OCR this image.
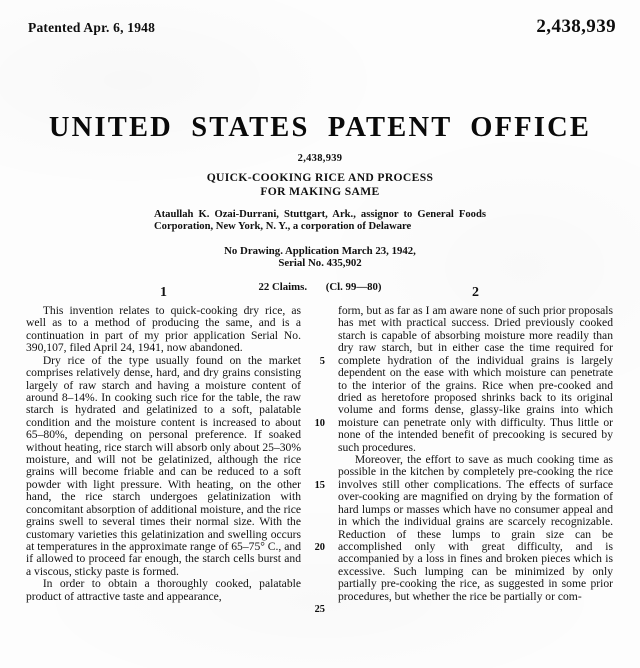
Patented Apr. 6, 1948	2,438,939
UNITED STATES PATENT OFFICE
2,438,939
QUICK-COOKING RICE AND PROCESS
FOR MAKING SAME
Ataullah K. Ozai-Durrani, Stuttgart, Ark., assignor to General Foods Corporation, New York, N. Y., a corporation of Delaware
No Drawing. Application March 23, 1942,
Serial No. 435,902
22 Claims. (Cl. 99—80)
1

This invention relates to quick-cooking dry rice, as well as to a method of producing the same, and is a continuation in part of my prior application Serial No. 390,107, filed April 24, 1941, now abandoned.

Dry rice of the type usually found on the market comprises relatively dense, hard, and dry grains consisting largely of raw starch and having a moisture content of around 8–14%. In cooking such rice for the table, the raw starch is hydrated and gelatinized to a soft, palatable condition and the moisture content is increased to about 65–80%, depending on personal preference. If soaked without heating, rice starch will absorb only about 25–30% moisture, and will not be gelatinized, although the rice grains will become friable and can be reduced to a soft powder with light pressure. With heating, on the other hand, the rice starch undergoes gelatinization with concomitant absorption of additional moisture, and the rice grains swell to several times their normal size. With the customary varieties this gelatinization and swelling occurs at temperatures in the approximate range of 65–75° C., and if allowed to proceed far enough, the starch cells burst and a viscous, sticky paste is formed.

In order to obtain a thoroughly cooked, palatable product of attractive taste and appearance,

5
10
15
20
25
2

form, but as far as I am aware none of such prior proposals has met with practical success. Dried previously cooked starch is capable of absorbing moisture more readily than dry raw starch, but in either case the time required for complete hydration of the individual grains is largely dependent on the ease with which moisture can penetrate to the interior of the grains. Rice when pre-cooked and dried as heretofore proposed shrinks back to its original volume and forms dense, glassy-like grains into which moisture can penetrate only with difficulty. Thus little or none of the intended benefit of precooking is secured by such procedures.

Moreover, the effort to save as much cooking time as possible in the kitchen by completely pre-cooking the rice involves still other complications. The effects of surface over-cooking are magnified on drying by the formation of hard lumps or masses which have no consumer appeal and in which the individual grains are scarcely recognizable. Reduction of these lumps to grain size can be accomplished only with great difficulty, and is accompanied by a loss in fines and broken pieces which is excessive. Such lumping can be minimized by only partially pre-cooking the rice, as suggested in some prior procedures, but whether the rice be partially or com-
